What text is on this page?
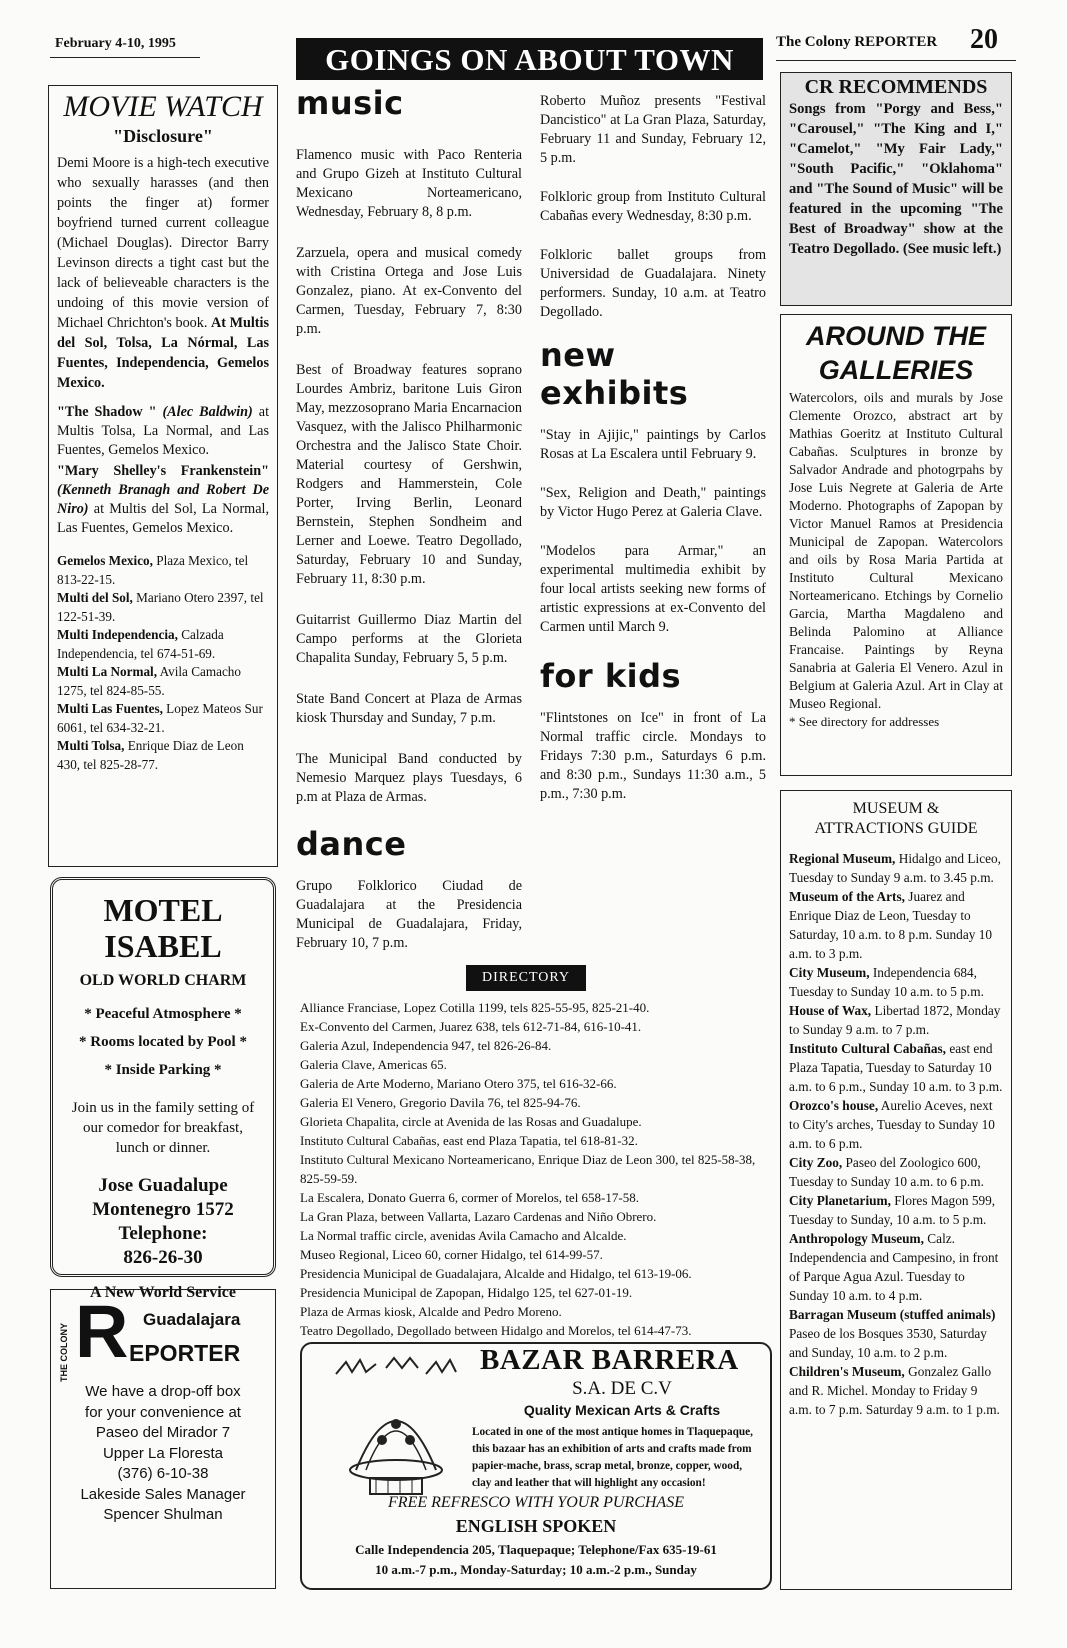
February 4-10, 1995	GOINGS ON ABOUT TOWN	The Colony REPORTER 20
MOVIE WATCH
"Disclosure"

Demi Moore is a high-tech executive who sexually harasses (and then points the finger at) former boyfriend turned current colleague (Michael Douglas). Director Barry Levinson directs a tight cast but the lack of believeable characters is the undoing of this movie version of Michael Chrichton's book. At Multis del Sol, Tolsa, La Nórmal, Las Fuentes, Independencia, Gemelos Mexico.

"The Shadow " (Alec Baldwin) at Multis Tolsa, La Normal, and Las Fuentes, Gemelos Mexico.

"Mary Shelley's Frankenstein" (Kenneth Branagh and Robert De Niro) at Multis del Sol, La Normal, Las Fuentes, Gemelos Mexico.

Gemelos Mexico, Plaza Mexico, tel 813-22-15.
Multi del Sol, Mariano Otero 2397, tel 122-51-39.
Multi Independencia, Calzada Independencia, tel 674-51-69.
Multi La Normal, Avila Camacho 1275, tel 824-85-55.
Multi Las Fuentes, Lopez Mateos Sur 6061, tel 634-32-21.
Multi Tolsa, Enrique Diaz de Leon 430, tel 825-28-77.
MOTEL
ISABEL
OLD WORLD CHARM
* Peaceful Atmosphere *
* Rooms located by Pool *
* Inside Parking *
Join us in the family setting of our comedor for breakfast, lunch or dinner.
Jose Guadalupe
Montenegro 1572
Telephone:
826-26-30
A New World Service
THE COLONY R Guadalajara
EPORTER
We have a drop-off box
for your convenience at
Paseo del Mirador 7
Upper La Floresta
(376) 6-10-38
Lakeside Sales Manager
Spencer Shulman
music

Flamenco music with Paco Renteria and Grupo Gizeh at Instituto Cultural Mexicano Norteamericano, Wednesday, February 8, 8 p.m.

Zarzuela, opera and musical comedy with Cristina Ortega and Jose Luis Gonzalez, piano. At ex-Convento del Carmen, Tuesday, February 7, 8:30 p.m.

Best of Broadway features soprano Lourdes Ambriz, baritone Luis Giron May, mezzosoprano Maria Encarnacion Vasquez, with the Jalisco Philharmonic Orchestra and the Jalisco State Choir. Material courtesy of Gershwin, Rodgers and Hammerstein, Cole Porter, Irving Berlin, Leonard Bernstein, Stephen Sondheim and Lerner and Loewe. Teatro Degollado, Saturday, February 10 and Sunday, February 11, 8:30 p.m.

Guitarrist Guillermo Diaz Martin del Campo performs at the Glorieta Chapalita Sunday, February 5, 5 p.m.

State Band Concert at Plaza de Armas kiosk Thursday and Sunday, 7 p.m.

The Municipal Band conducted by Nemesio Marquez plays Tuesdays, 6 p.m at Plaza de Armas.

dance

Grupo Folklorico Ciudad de Guadalajara at the Presidencia Municipal de Guadalajara, Friday, February 10, 7 p.m.

Roberto Muñoz presents "Festival Dancistico" at La Gran Plaza, Saturday, February 11 and Sunday, February 12, 5 p.m.

Folkloric group from Instituto Cultural Cabañas every Wednesday, 8:30 p.m.

Folkloric ballet groups from Universidad de Guadalajara. Ninety performers. Sunday, 10 a.m. at Teatro Degollado.

new exhibits

"Stay in Ajijic," paintings by Carlos Rosas at La Escalera until February 9.

"Sex, Religion and Death," paintings by Victor Hugo Perez at Galeria Clave.

"Modelos para Armar," an experimental multimedia exhibit by four local artists seeking new forms of artistic expressions at ex-Convento del Carmen until March 9.

for kids

"Flintstones on Ice" in front of La Normal traffic circle. Mondays to Fridays 7:30 p.m., Saturdays 6 p.m. and 8:30 p.m., Sundays 11:30 a.m., 5 p.m., 7:30 p.m.

DIRECTORY

Alliance Franciase, Lopez Cotilla 1199, tels 825-55-95, 825-21-40.

Ex-Convento del Carmen, Juarez 638, tels 612-71-84, 616-10-41.

Galeria Azul, Independencia 947, tel 826-26-84.

Galeria Clave, Americas 65.

Galeria de Arte Moderno, Mariano Otero 375, tel 616-32-66.

Galeria El Venero, Gregorio Davila 76, tel 825-94-76.

Glorieta Chapalita, circle at Avenida de las Rosas and Guadalupe.

Instituto Cultural Cabañas, east end Plaza Tapatia, tel 618-81-32.

Instituto Cultural Mexicano Norteamericano, Enrique Diaz de Leon 300, tel 825-58-38, 825-59-59.

La Escalera, Donato Guerra 6, cormer of Morelos, tel 658-17-58.

La Gran Plaza, between Vallarta, Lazaro Cardenas and Niño Obrero.

La Normal traffic circle, avenidas Avila Camacho and Alcalde.

Museo Regional, Liceo 60, corner Hidalgo, tel 614-99-57.

Presidencia Municipal de Guadalajara, Alcalde and Hidalgo, tel 613-19-06.

Presidencia Municipal de Zapopan, Hidalgo 125, tel 627-01-19.

Plaza de Armas kiosk, Alcalde and Pedro Moreno.

Teatro Degollado, Degollado between Hidalgo and Morelos, tel 614-47-73.

BAZAR BARRERA
S.A. DE C.V
Quality Mexican Arts & Crafts
Located in one of the most antique homes in Tlaquepaque, this bazaar has an exhibition of arts and crafts made from papier-mache, brass, scrap metal, bronze, copper, wood, clay and leather that will highlight any occasion!
FREE REFRESCO WITH YOUR PURCHASE
ENGLISH SPOKEN
Calle Independencia 205, Tlaquepaque; Telephone/Fax 635-19-61
10 a.m.-7 p.m., Monday-Saturday; 10 a.m.-2 p.m., Sunday
CR RECOMMENDS
Songs from "Porgy and Bess," "Carousel," "The King and I," "Camelot," "My Fair Lady," "South Pacific," "Oklahoma" and "The Sound of Music" will be featured in the upcoming "The Best of Broadway" show at the Teatro Degollado. (See music left.)
AROUND THE
GALLERIES
Watercolors, oils and murals by Jose Clemente Orozco, abstract art by Mathias Goeritz at Instituto Cultural Cabañas. Sculptures in bronze by Salvador Andrade and photogrpahs by Jose Luis Negrete at Galeria de Arte Moderno. Photographs of Zapopan by Victor Manuel Ramos at Presidencia Municipal de Zapopan. Watercolors and oils by Rosa Maria Partida at Instituto Cultural Mexicano Norteamericano. Etchings by Cornelio Garcia, Martha Magdaleno and Belinda Palomino at Alliance Francaise. Paintings by Reyna Sanabria at Galeria El Venero. Azul in Belgium at Galeria Azul. Art in Clay at Museo Regional.
* See directory for addresses
MUSEUM &
ATTRACTIONS GUIDE
Regional Museum, Hidalgo and Liceo, Tuesday to Sunday 9 a.m. to 3.45 p.m.
Museum of the Arts, Juarez and Enrique Diaz de Leon, Tuesday to Saturday, 10 a.m. to 8 p.m. Sunday 10 a.m. to 3 p.m.
City Museum, Independencia 684, Tuesday to Sunday 10 a.m. to 5 p.m.
House of Wax, Libertad 1872, Monday to Sunday 9 a.m. to 7 p.m.
Instituto Cultural Cabañas, east end Plaza Tapatia, Tuesday to Saturday 10 a.m. to 6 p.m., Sunday 10 a.m. to 3 p.m.
Orozco's house, Aurelio Aceves, next to City's arches, Tuesday to Sunday 10 a.m. to 6 p.m.
City Zoo, Paseo del Zoologico 600, Tuesday to Sunday 10 a.m. to 6 p.m.
City Planetarium, Flores Magon 599, Tuesday to Sunday, 10 a.m. to 5 p.m.
Anthropology Museum, Calz. Independencia and Campesino, in front of Parque Agua Azul. Tuesday to Sunday 10 a.m. to 4 p.m.
Barragan Museum (stuffed animals) Paseo de los Bosques 3530, Saturday and Sunday, 10 a.m. to 2 p.m.
Children's Museum, Gonzalez Gallo and R. Michel. Monday to Friday 9 a.m. to 7 p.m. Saturday 9 a.m. to 1 p.m.
